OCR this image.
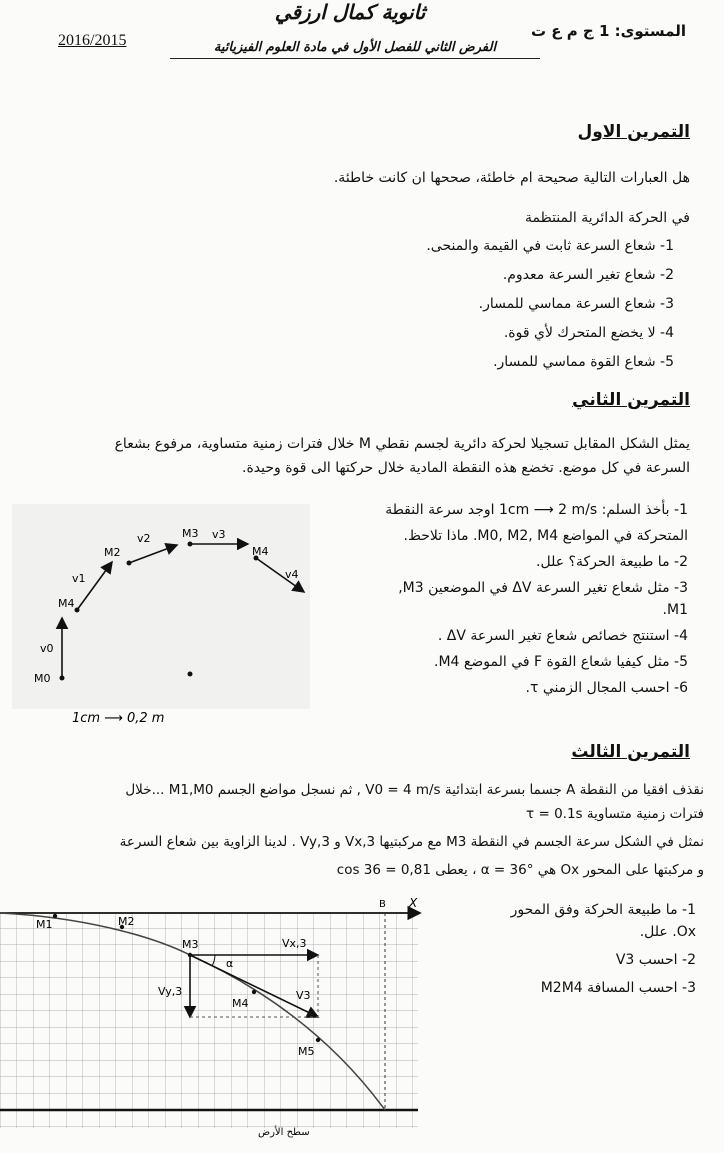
ثانوية كمال ارزقي
2016/2015
المستوى: 1 ج م ع ت
الفرض الثاني للفصل الأول في مادة العلوم الفيزيائية
التمرين الاول
هل العبارات التالية صحيحة ام خاطئة، صححها ان كانت خاطئة.
في الحركة الدائرية المنتظمة
1- شعاع السرعة ثابت في القيمة والمنحى.
2- شعاع تغير السرعة معدوم.
3- شعاع السرعة مماسي للمسار.
4- لا يخضع المتحرك لأي قوة.
5- شعاع القوة مماسي للمسار.
التمرين الثاني
يمثل الشكل المقابل تسجيلا لحركة دائرية لجسم نقطي M خلال فترات زمنية متساوية، مرفوع بشعاع
السرعة في كل موضع. تخضع هذه النقطة المادية خلال حركتها الى قوة وحيدة.
1- بأخذ السلم: 1cm ⟶ 2 m/s اوجد سرعة النقطة
المتحركة في المواضع M0, M2, M4. ماذا تلاحظ.
2- ما طبيعة الحركة؟ علل.
3- مثل شعاع تغير السرعة ΔV في الموضعين M3,
M1.
4- استنتج خصائص شعاع تغير السرعة ΔV .
5- مثل كيفيا شعاع القوة F في الموضع M4.
6- احسب المجال الزمني τ.
M0
M4
M2
M3
M4
v0
v1
v2	v3
v4
1cm ⟶ 0,2 m
التمرين الثالث
نقذف افقيا من النقطة A جسما بسرعة ابتدائية V0 = 4 m/s , ثم نسجل مواضع الجسم M1,M0 ...خلال
فترات زمنية متساوية τ = 0.1s
نمثل في الشكل سرعة الجسم في النقطة M3 مع مركبتيها Vx,3 و Vy,3 . لدينا الزاوية بين شعاع السرعة
و مركبتها على المحور Ox هي α = 36° ، يعطى cos 36 = 0,81
1- ما طبيعة الحركة وفق المحور
Ox. علل.
2- احسب V3
3- احسب المسافة M2M4
M1	M2
M3
M4
M5
B X
Vx,3
Vy,3	V3
α
سطح الأرض
